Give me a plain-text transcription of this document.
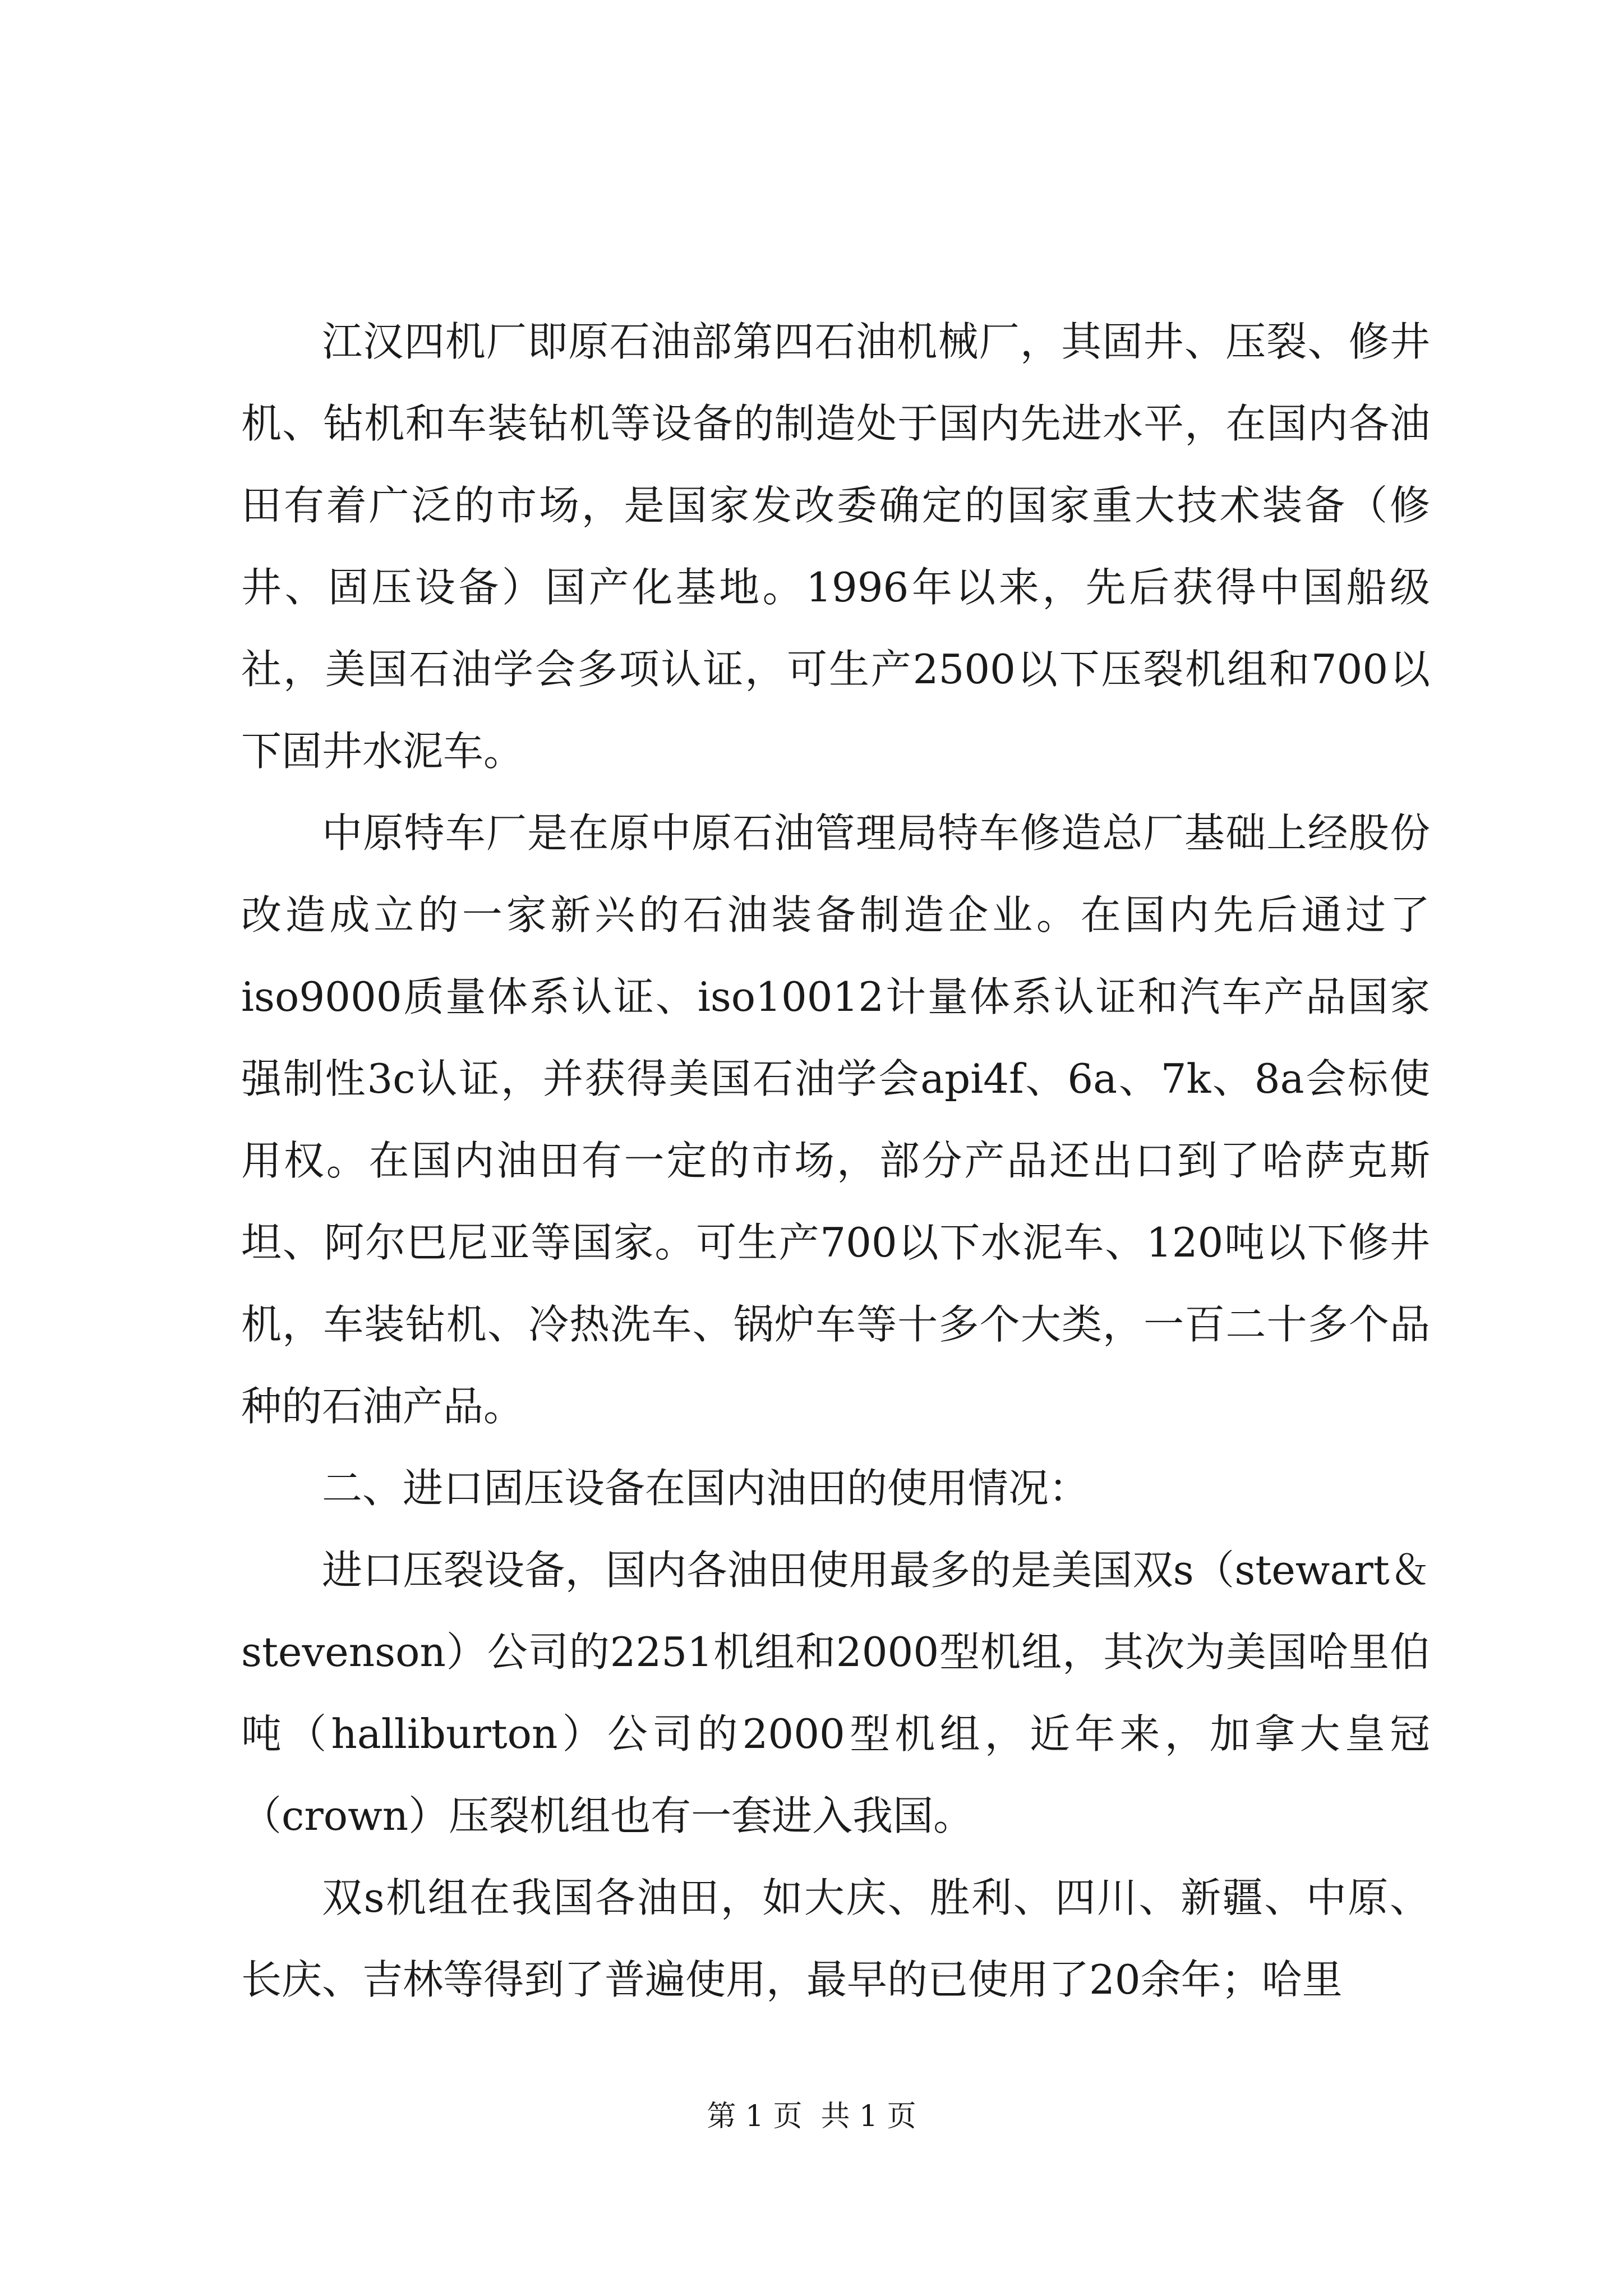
江汉四机厂即原石油部第四石油机械厂，其固井、压裂、修井机、钻机和车装钻机等设备的制造处于国内先进水平，在国内各油田有着广泛的市场，是国家发改委确定的国家重大技术装备（修井、固压设备）国产化基地。1996年以来，先后获得中国船级社，美国石油学会多项认证，可生产2500以下压裂机组和700以下固井水泥车。

中原特车厂是在原中原石油管理局特车修造总厂基础上经股份改造成立的一家新兴的石油装备制造企业。在国内先后通过了iso9000质量体系认证、iso10012计量体系认证和汽车产品国家强制性3c认证，并获得美国石油学会api4f、6a、7k、8a会标使用权。在国内油田有一定的市场，部分产品还出口到了哈萨克斯坦、阿尔巴尼亚等国家。可生产700以下水泥车、120吨以下修井机，车装钻机、冷热洗车、锅炉车等十多个大类，一百二十多个品种的石油产品。

二、进口固压设备在国内油田的使用情况：

进口压裂设备，国内各油田使用最多的是美国双s（stewart＆stevenson）公司的2251机组和2000型机组，其次为美国哈里伯吨（halliburton）公司的2000型机组，近年来，加拿大皇冠（crown）压裂机组也有一套进入我国。

双s机组在我国各油田，如大庆、胜利、四川、新疆、中原、长庆、吉林等得到了普遍使用，最早的已使用了20余年；哈里

第 1 页  共 1 页
